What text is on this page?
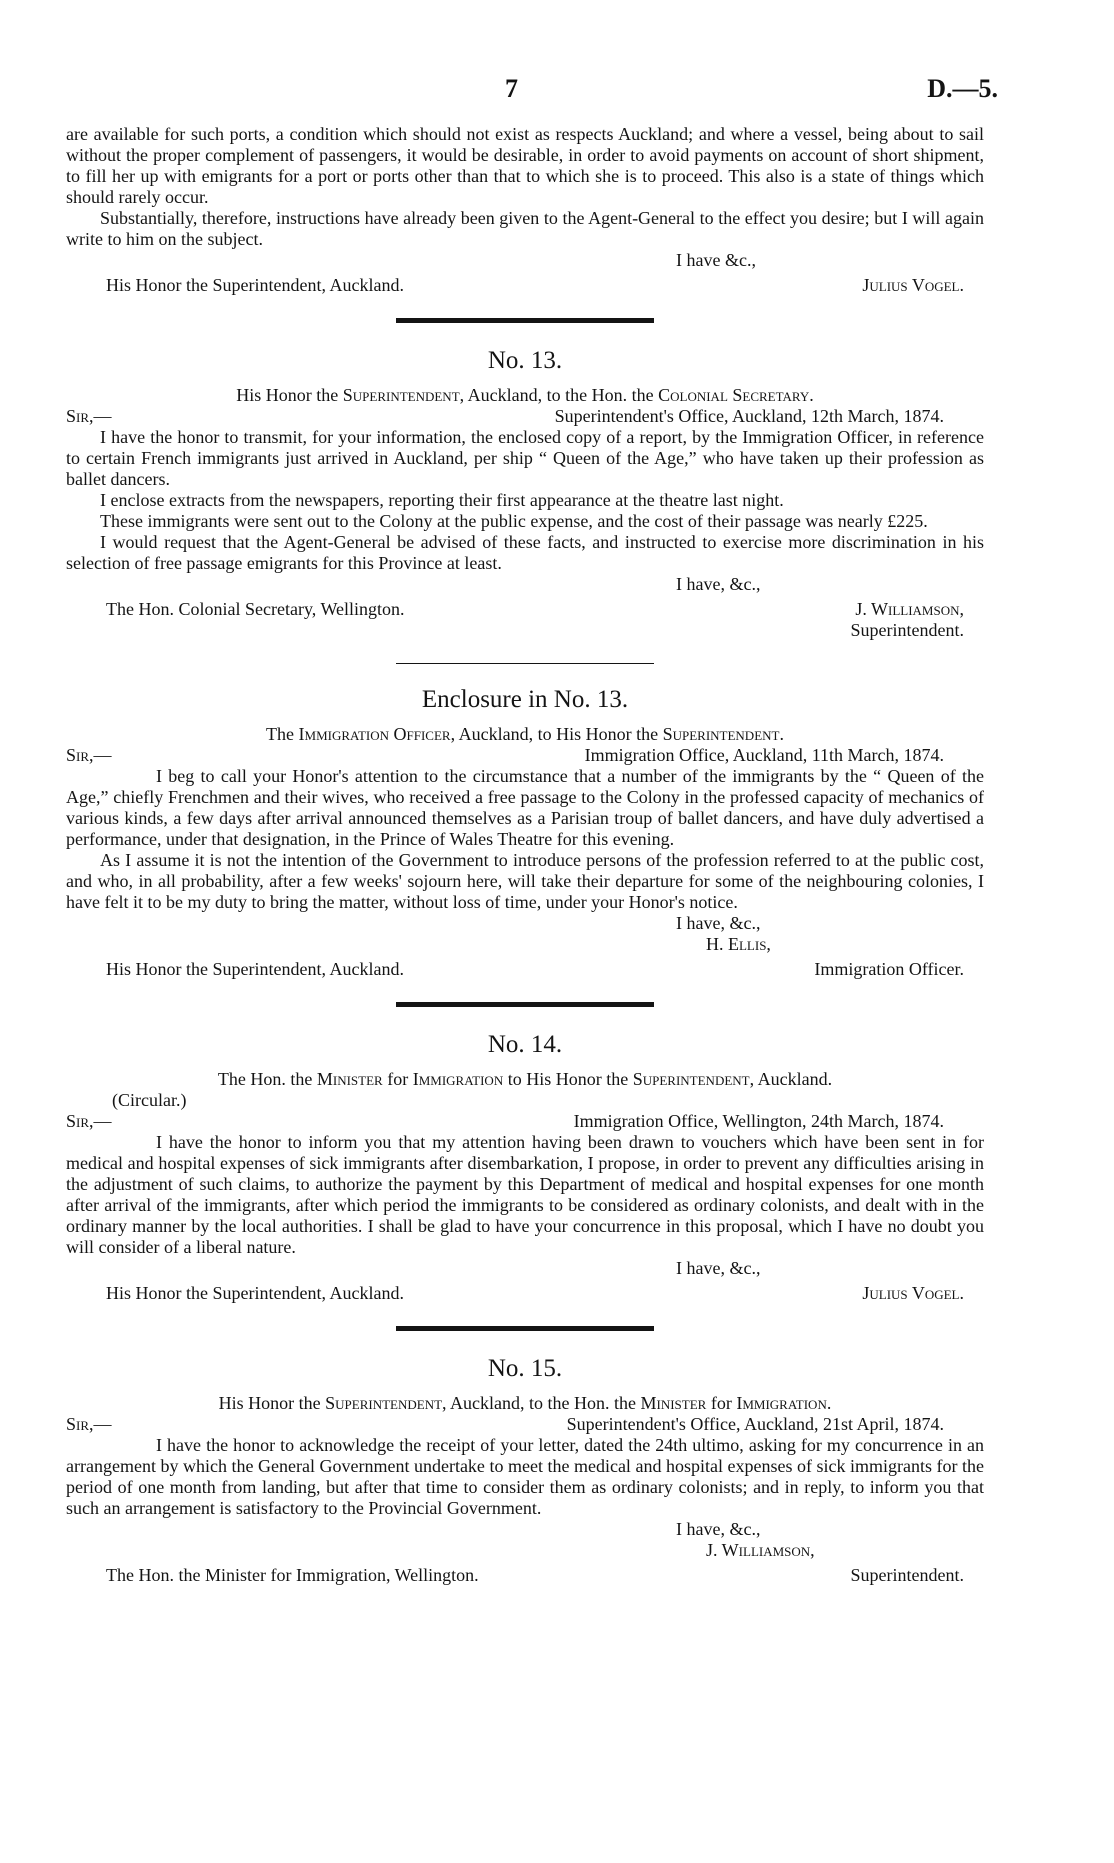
7	D.—5.

are available for such ports, a condition which should not exist as respects Auckland; and where a vessel, being about to sail without the proper complement of passengers, it would be desirable, in order to avoid payments on account of short shipment, to fill her up with emigrants for a port or ports other than that to which she is to proceed. This also is a state of things which should rarely occur.

Substantially, therefore, instructions have already been given to the Agent-General to the effect you desire; but I will again write to him on the subject.

I have &c.,

His Honor the Superintendent, Auckland.	Julius Vogel.
No. 13.
His Honor the Superintendent, Auckland, to the Hon. the Colonial Secretary.
Sir,—	Superintendent's Office, Auckland, 12th March, 1874.

I have the honor to transmit, for your information, the enclosed copy of a report, by the Immigration Officer, in reference to certain French immigrants just arrived in Auckland, per ship “ Queen of the Age,” who have taken up their profession as ballet dancers.

I enclose extracts from the newspapers, reporting their first appearance at the theatre last night.

These immigrants were sent out to the Colony at the public expense, and the cost of their passage was nearly £225.

I would request that the Agent-General be advised of these facts, and instructed to exercise more discrimination in his selection of free passage emigrants for this Province at least.

I have, &c.,

The Hon. Colonial Secretary, Wellington.	J. Williamson,
Superintendent.
Enclosure in No. 13.
The Immigration Officer, Auckland, to His Honor the Superintendent.
Sir,—	Immigration Office, Auckland, 11th March, 1874.

I beg to call your Honor's attention to the circumstance that a number of the immigrants by the “ Queen of the Age,” chiefly Frenchmen and their wives, who received a free passage to the Colony in the professed capacity of mechanics of various kinds, a few days after arrival announced themselves as a Parisian troup of ballet dancers, and have duly advertised a performance, under that designation, in the Prince of Wales Theatre for this evening.

As I assume it is not the intention of the Government to introduce persons of the profession referred to at the public cost, and who, in all probability, after a few weeks' sojourn here, will take their departure for some of the neighbouring colonies, I have felt it to be my duty to bring the matter, without loss of time, under your Honor's notice.

I have, &c.,

H. Ellis,

His Honor the Superintendent, Auckland.	Immigration Officer.
No. 14.
The Hon. the Minister for Immigration to His Honor the Superintendent, Auckland.
(Circular.)
Sir,—	Immigration Office, Wellington, 24th March, 1874.

I have the honor to inform you that my attention having been drawn to vouchers which have been sent in for medical and hospital expenses of sick immigrants after disembarkation, I propose, in order to prevent any difficulties arising in the adjustment of such claims, to authorize the payment by this Department of medical and hospital expenses for one month after arrival of the immigrants, after which period the immigrants to be considered as ordinary colonists, and dealt with in the ordinary manner by the local authorities. I shall be glad to have your concurrence in this proposal, which I have no doubt you will consider of a liberal nature.

I have, &c.,

His Honor the Superintendent, Auckland.	Julius Vogel.
No. 15.
His Honor the Superintendent, Auckland, to the Hon. the Minister for Immigration.
Sir,—	Superintendent's Office, Auckland, 21st April, 1874.

I have the honor to acknowledge the receipt of your letter, dated the 24th ultimo, asking for my concurrence in an arrangement by which the General Government undertake to meet the medical and hospital expenses of sick immigrants for the period of one month from landing, but after that time to consider them as ordinary colonists; and in reply, to inform you that such an arrangement is satisfactory to the Provincial Government.

I have, &c.,

J. Williamson,

The Hon. the Minister for Immigration, Wellington.	Superintendent.
